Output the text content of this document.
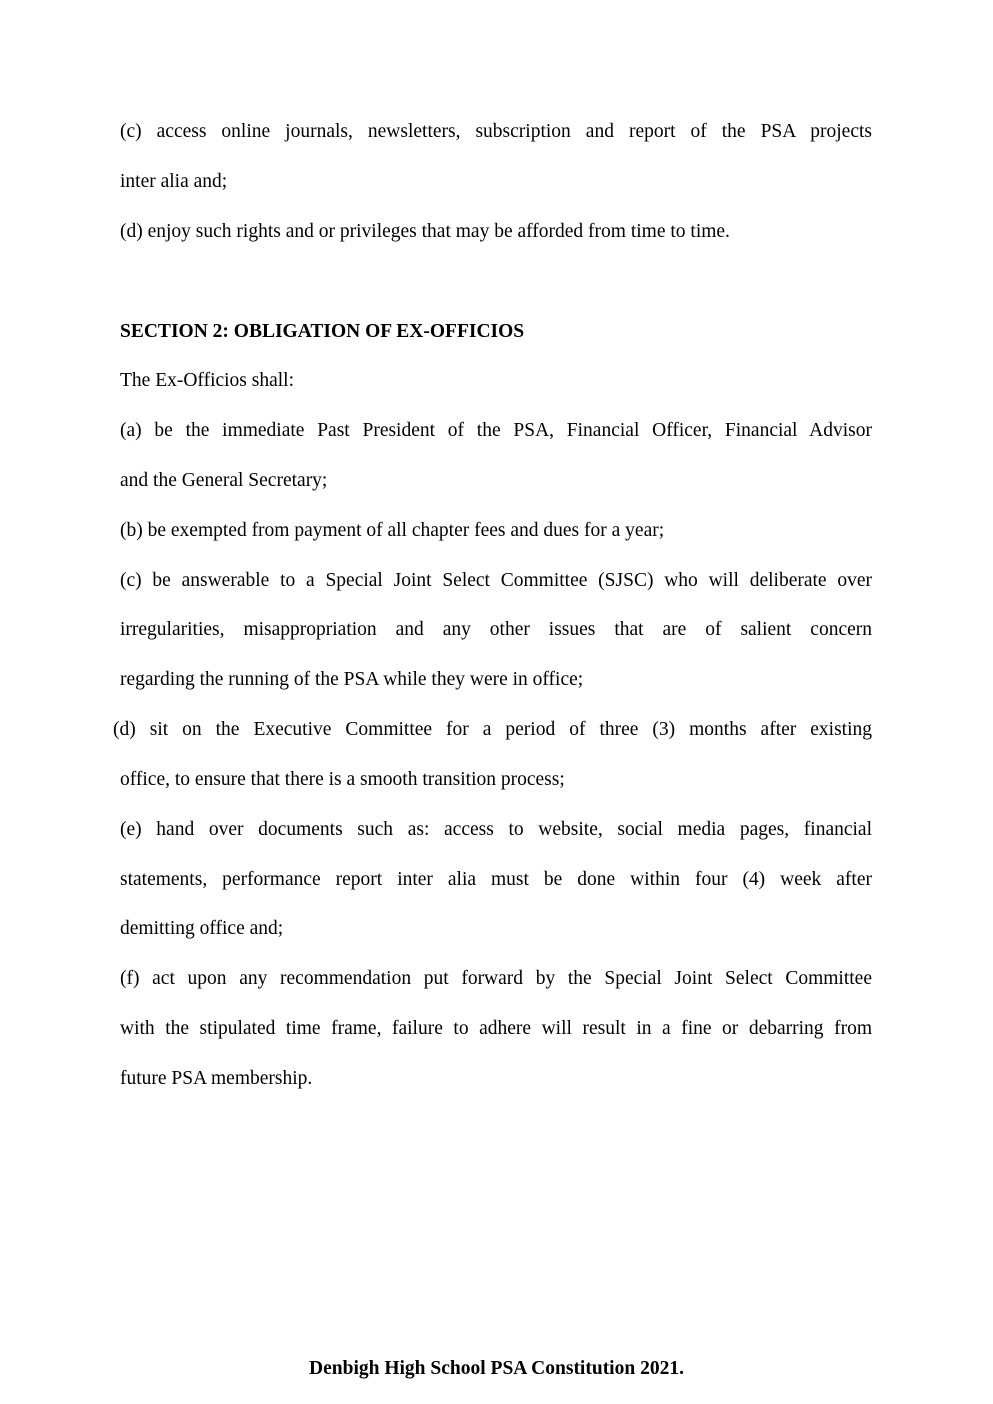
(c) access online journals, newsletters, subscription and report of the PSA projects
inter alia and;
(d) enjoy such rights and or privileges that may be afforded from time to time.
SECTION 2: OBLIGATION OF EX-OFFICIOS
The Ex-Officios shall:
(a) be the immediate Past President of the PSA, Financial Officer, Financial Advisor
and the General Secretary;
(b) be exempted from payment of all chapter fees and dues for a year;
(c) be answerable to a Special Joint Select Committee (SJSC) who will deliberate over
irregularities, misappropriation and any other issues that are of salient concern
regarding the running of the PSA while they were in office;
(d) sit on the Executive Committee for a period of three (3) months after existing
office, to ensure that there is a smooth transition process;
(e) hand over documents such as: access to website, social media pages, financial
statements, performance report inter alia must be done within four (4) week after
demitting office and;
(f) act upon any recommendation put forward by the Special Joint Select Committee
with the stipulated time frame, failure to adhere will result in a fine or debarring from
future PSA membership.
Denbigh High School PSA Constitution 2021.
